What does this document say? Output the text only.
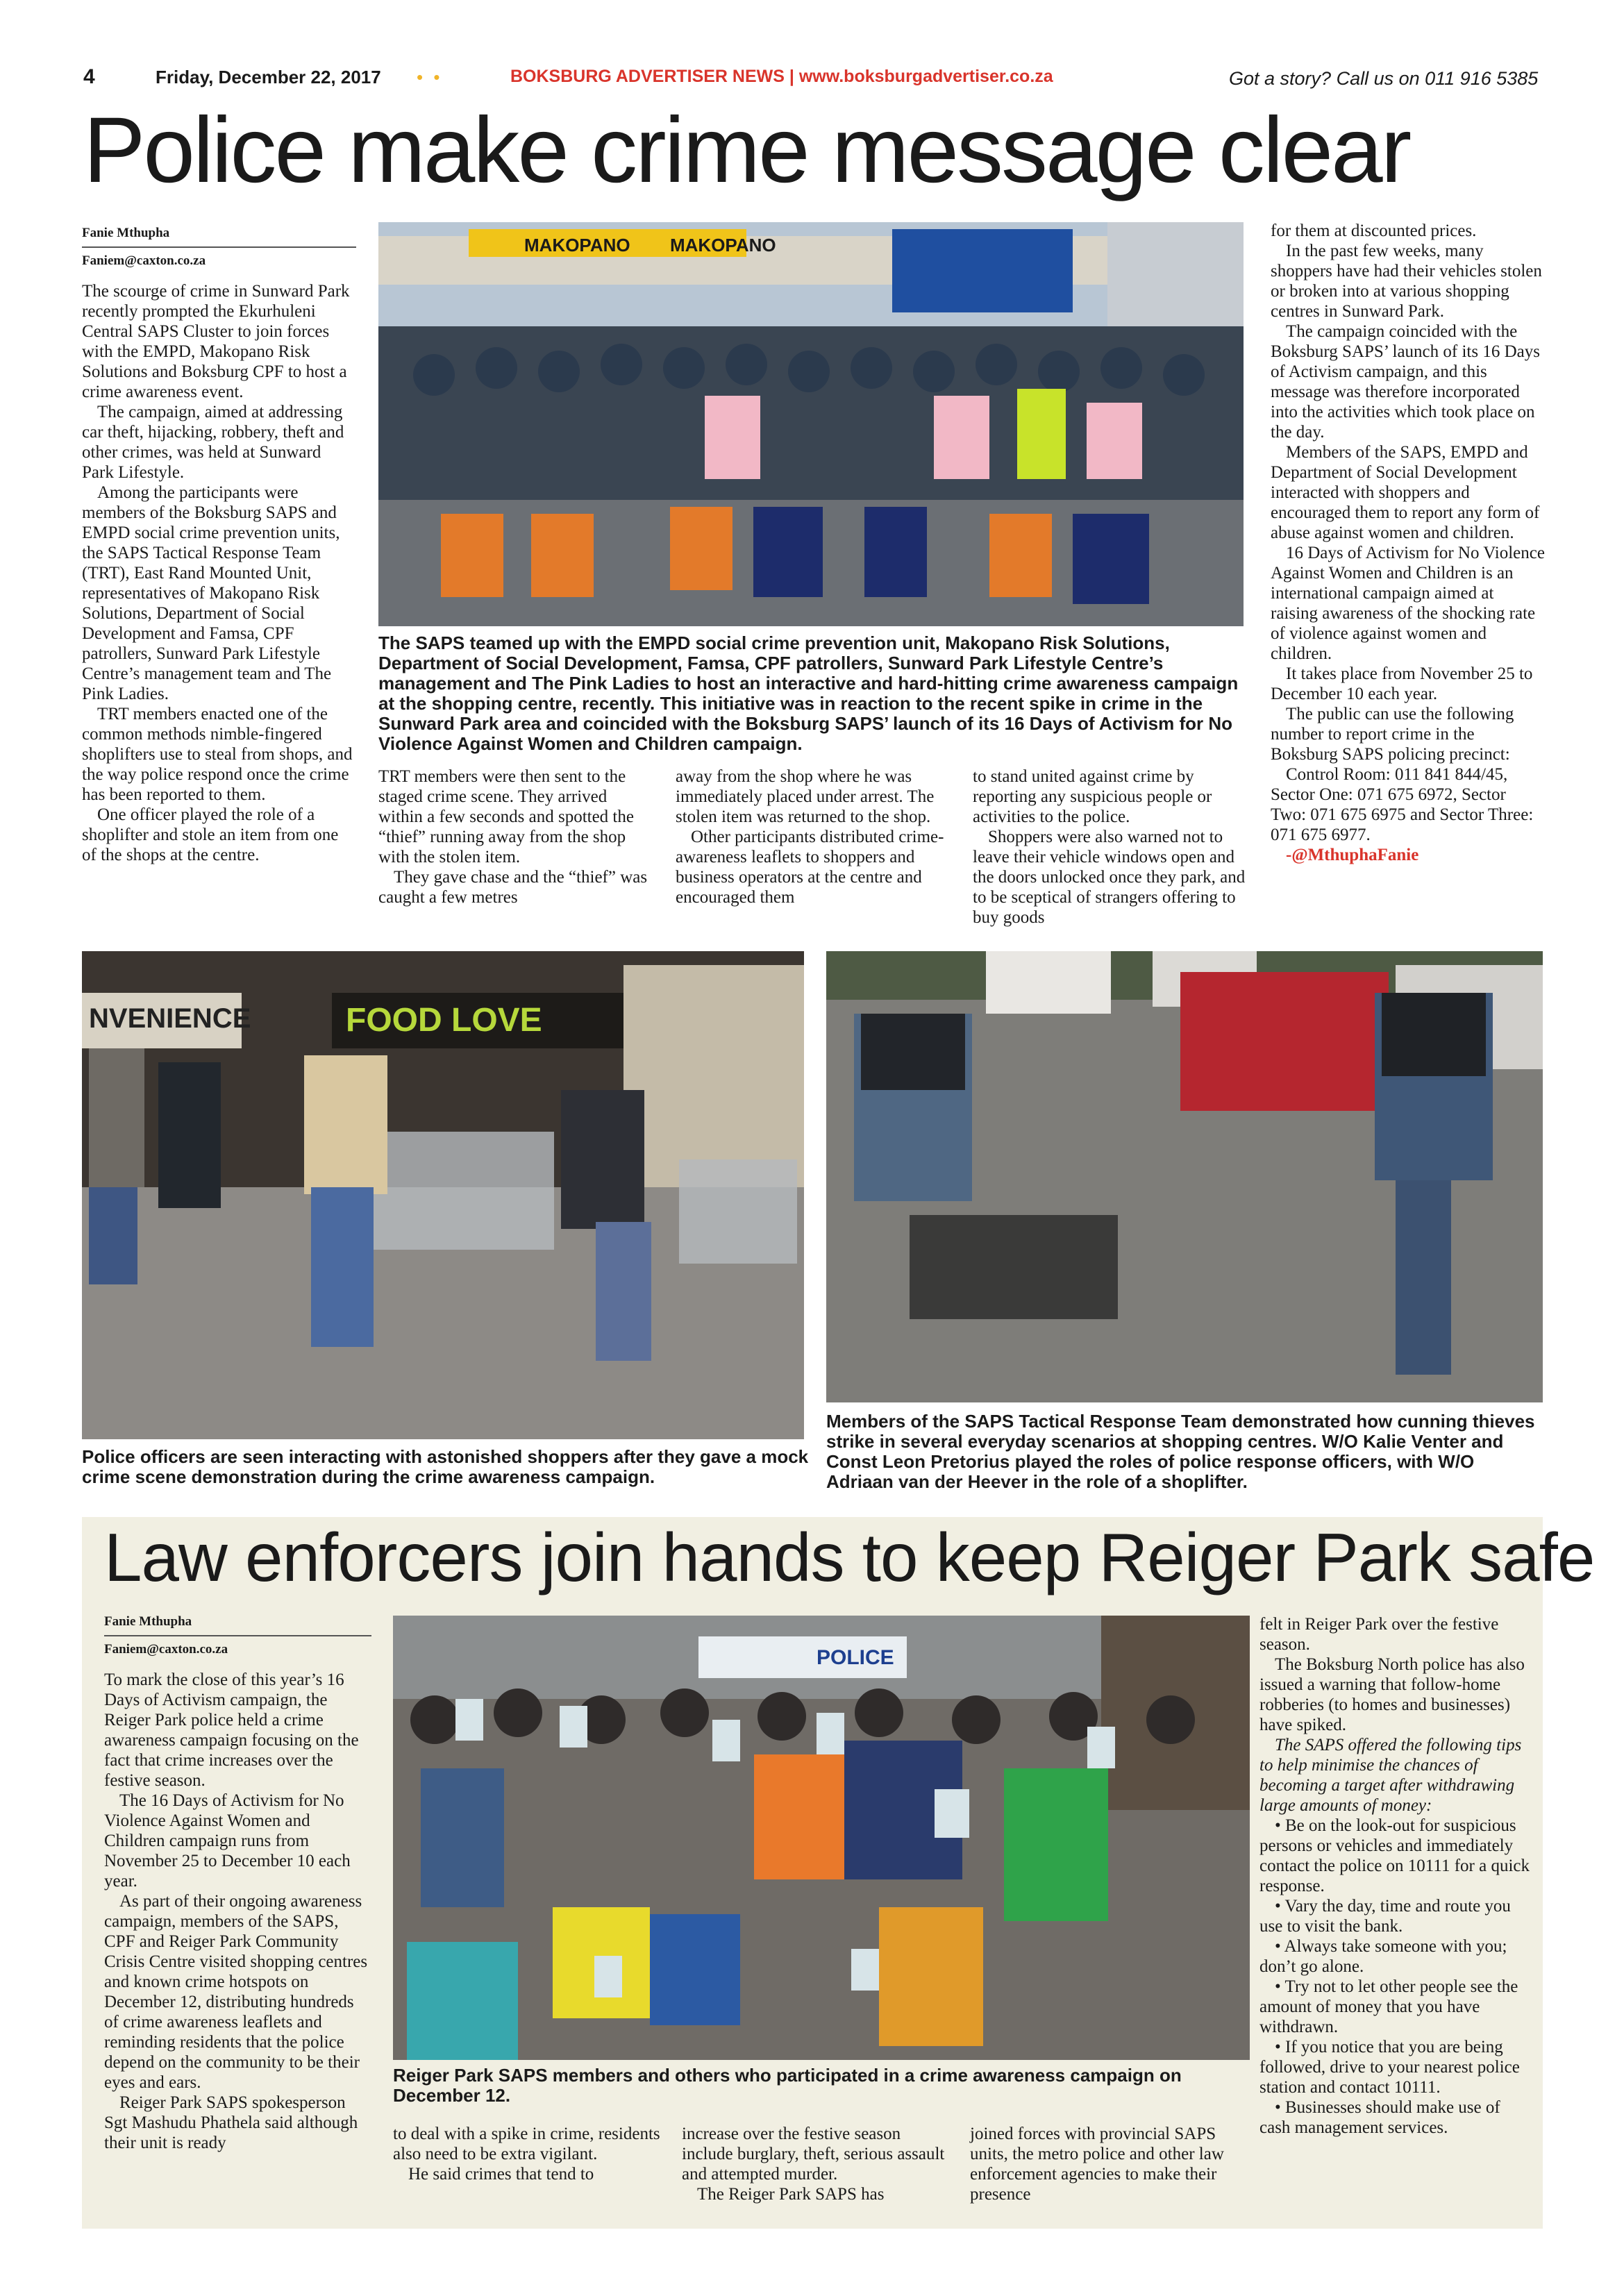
4	Friday, December 22, 2017 • •	BOKSBURG ADVERTISER NEWS | www.boksburgadvertiser.co.za	Got a story? Call us on 011 916 5385
Police make crime message clear
Fanie Mthupha
Faniem@caxton.co.za

The scourge of crime in Sunward Park recently prompted the Ekurhuleni Central SAPS Cluster to join forces with the EMPD, Makopano Risk Solutions and Boksburg CPF to host a crime awareness event.

The campaign, aimed at addressing car theft, hijacking, robbery, theft and other crimes, was held at Sunward Park Lifestyle.

Among the participants were members of the Boksburg SAPS and EMPD social crime prevention units, the SAPS Tactical Response Team (TRT), East Rand Mounted Unit, representatives of Makopano Risk Solutions, Department of Social Development and Famsa, CPF patrollers, Sunward Park Lifestyle Centre’s management team and The Pink Ladies.

TRT members enacted one of the common methods nimble-fingered shoplifters use to steal from shops, and the way police respond once the crime has been reported to them.

One officer played the role of a shoplifter and stole an item from one of the shops at the centre.

MAKOPANO MAKOPANO
The SAPS teamed up with the EMPD social crime prevention unit, Makopano Risk Solutions, Department of Social Development, Famsa, CPF patrollers, Sunward Park Lifestyle Centre’s management and The Pink Ladies to host an interactive and hard-hitting crime awareness campaign at the shopping centre, recently. This initiative was in reaction to the recent spike in crime in the Sunward Park area and coincided with the Boksburg SAPS’ launch of its 16 Days of Activism for No Violence Against Women and Children campaign.

TRT members were then sent to the staged crime scene. They arrived within a few seconds and spotted the “thief” running away from the shop with the stolen item.

They gave chase and the “thief” was caught a few metres

away from the shop where he was immediately placed under arrest. The stolen item was returned to the shop.

Other participants distributed crime-awareness leaflets to shoppers and business operators at the centre and encouraged them

to stand united against crime by reporting any suspicious people or activities to the police.

Shoppers were also warned not to leave their vehicle windows open and the doors unlocked once they park, and to be sceptical of strangers offering to buy goods

for them at discounted prices.

In the past few weeks, many shoppers have had their vehicles stolen or broken into at various shopping centres in Sunward Park.

The campaign coincided with the Boksburg SAPS’ launch of its 16 Days of Activism campaign, and this message was therefore incorporated into the activities which took place on the day.

Members of the SAPS, EMPD and Department of Social Development interacted with shoppers and encouraged them to report any form of abuse against women and children.

16 Days of Activism for No Violence Against Women and Children is an international campaign aimed at raising awareness of the shocking rate of violence against women and children.

It takes place from November 25 to December 10 each year.

The public can use the following number to report crime in the Boksburg SAPS policing precinct:

Control Room: 011 841 844/45, Sector One: 071 675 6972, Sector Two: 071 675 6975 and Sector Three: 071 675 6977.

-@MthuphaFanie

NVENIENCE	FOOD LOVE
Police officers are seen interacting with astonished shoppers after they gave a mock crime scene demonstration during the crime awareness campaign.
Members of the SAPS Tactical Response Team demonstrated how cunning thieves strike in several everyday scenarios at shopping centres. W/O Kalie Venter and Const Leon Pretorius played the roles of police response officers, with W/O Adriaan van der Heever in the role of a shoplifter.
Law enforcers join hands to keep Reiger Park safe
Fanie Mthupha
Faniem@caxton.co.za

To mark the close of this year’s 16 Days of Activism campaign, the Reiger Park police held a crime awareness campaign focusing on the fact that crime increases over the festive season.

The 16 Days of Activism for No Violence Against Women and Children campaign runs from November 25 to December 10 each year.

As part of their ongoing awareness campaign, members of the SAPS, CPF and Reiger Park Community Crisis Centre visited shopping centres and known crime hotspots on December 12, distributing hundreds of crime awareness leaflets and reminding residents that the police depend on the community to be their eyes and ears.

Reiger Park SAPS spokesperson Sgt Mashudu Phathela said although their unit is ready

POLICE
Reiger Park SAPS members and others who participated in a crime awareness campaign on December 12.

to deal with a spike in crime, residents also need to be extra vigilant.

He said crimes that tend to

increase over the festive season include burglary, theft, serious assault and attempted murder.

The Reiger Park SAPS has

joined forces with provincial SAPS units, the metro police and other law enforcement agencies to make their presence

felt in Reiger Park over the festive season.

The Boksburg North police has also issued a warning that follow-home robberies (to homes and businesses) have spiked.

The SAPS offered the following tips to help minimise the chances of becoming a target after withdrawing large amounts of money:

• Be on the look-out for suspicious persons or vehicles and immediately contact the police on 10111 for a quick response.

• Vary the day, time and route you use to visit the bank.

• Always take someone with you; don’t go alone.

• Try not to let other people see the amount of money that you have withdrawn.

• If you notice that you are being followed, drive to your nearest police station and contact 10111.

• Businesses should make use of cash management services.
